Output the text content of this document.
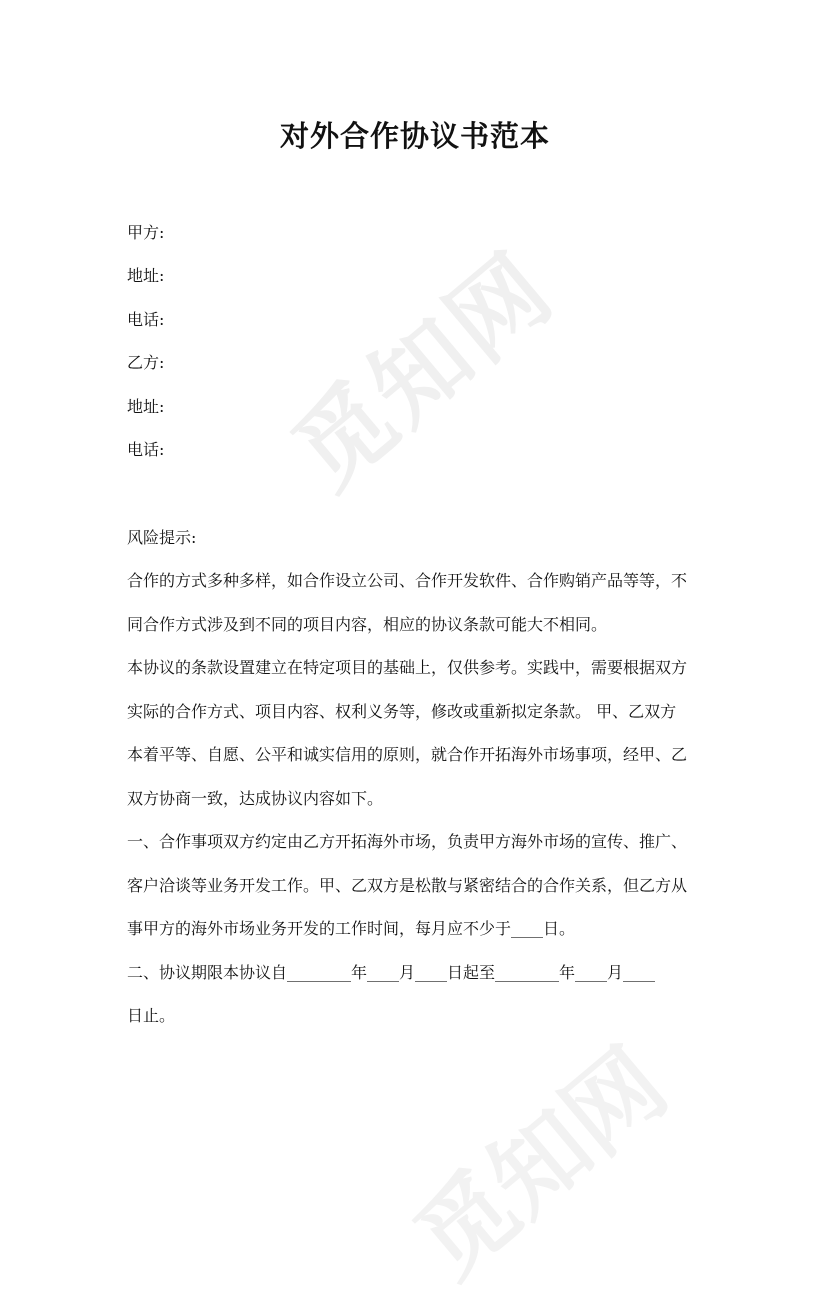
觅知网
觅知网
对外合作协议书范本
甲方:
地址:
电话:
乙方:
地址:
电话:
风险提示:
合作的方式多种多样，如合作设立公司、合作开发软件、合作购销产品等等，不
同合作方式涉及到不同的项目内容，相应的协议条款可能大不相同。
本协议的条款设置建立在特定项目的基础上，仅供参考。实践中，需要根据双方
实际的合作方式、项目内容、权利义务等，修改或重新拟定条款。 甲、乙双方
本着平等、自愿、公平和诚实信用的原则，就合作开拓海外市场事项，经甲、乙
双方协商一致，达成协议内容如下。
一、合作事项双方约定由乙方开拓海外市场，负责甲方海外市场的宣传、推广、
客户洽谈等业务开发工作。甲、乙双方是松散与紧密结合的合作关系，但乙方从
事甲方的海外市场业务开发的工作时间，每月应不少于____日。
二、协议期限本协议自________年____月____日起至________年____月____
日止。
